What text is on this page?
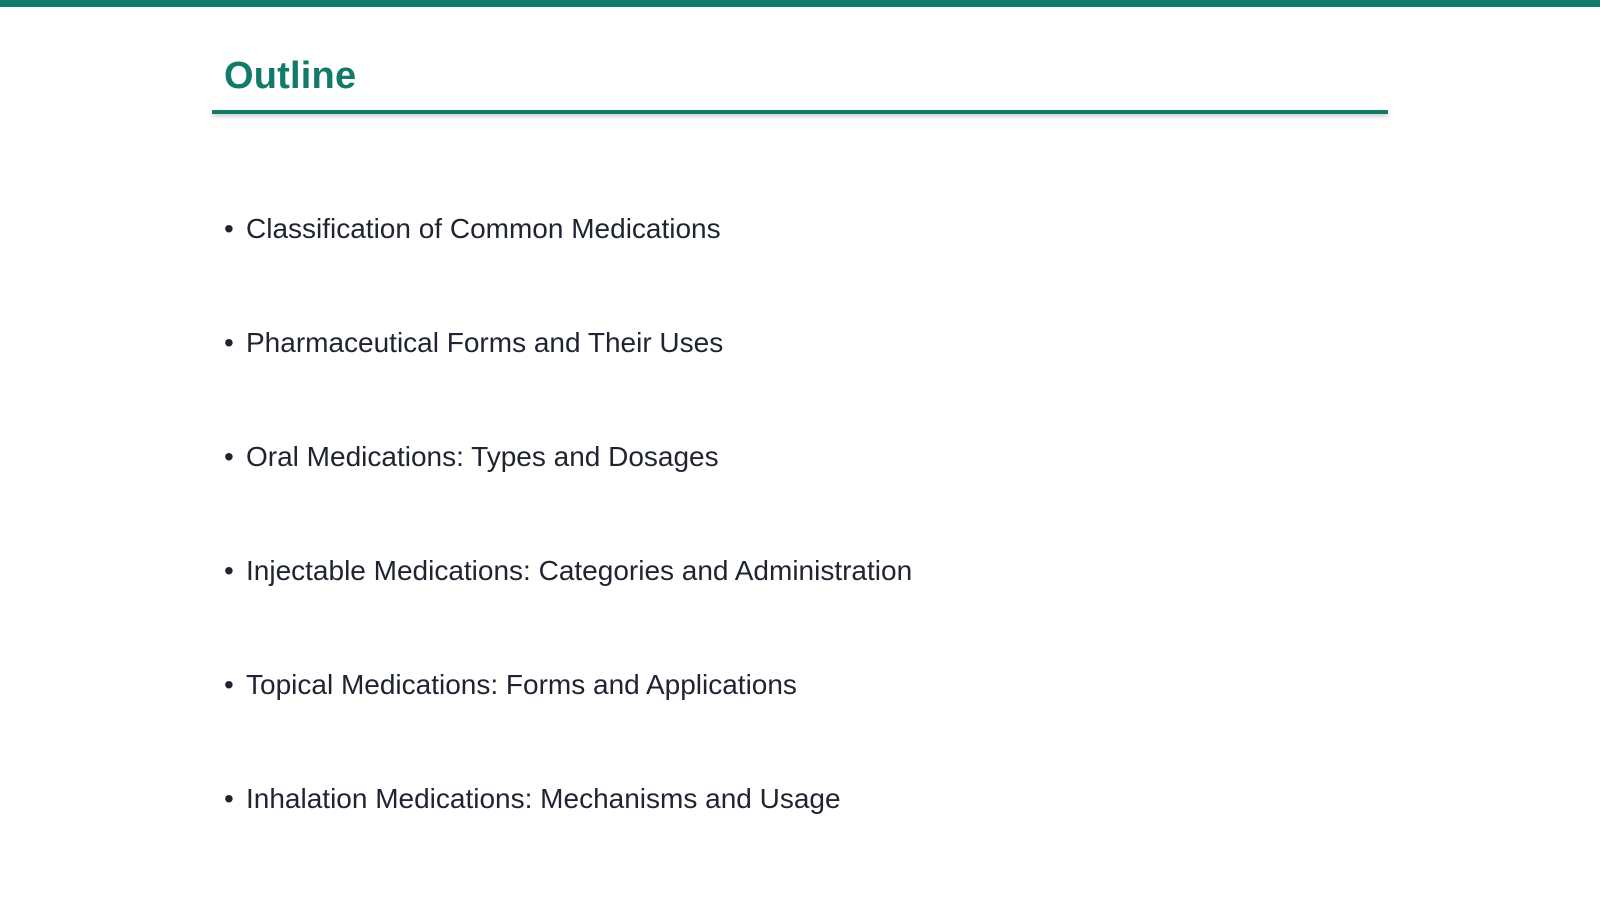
Outline
• Classification of Common Medications
• Pharmaceutical Forms and Their Uses
• Oral Medications: Types and Dosages
• Injectable Medications: Categories and Administration
• Topical Medications: Forms and Applications
• Inhalation Medications: Mechanisms and Usage
